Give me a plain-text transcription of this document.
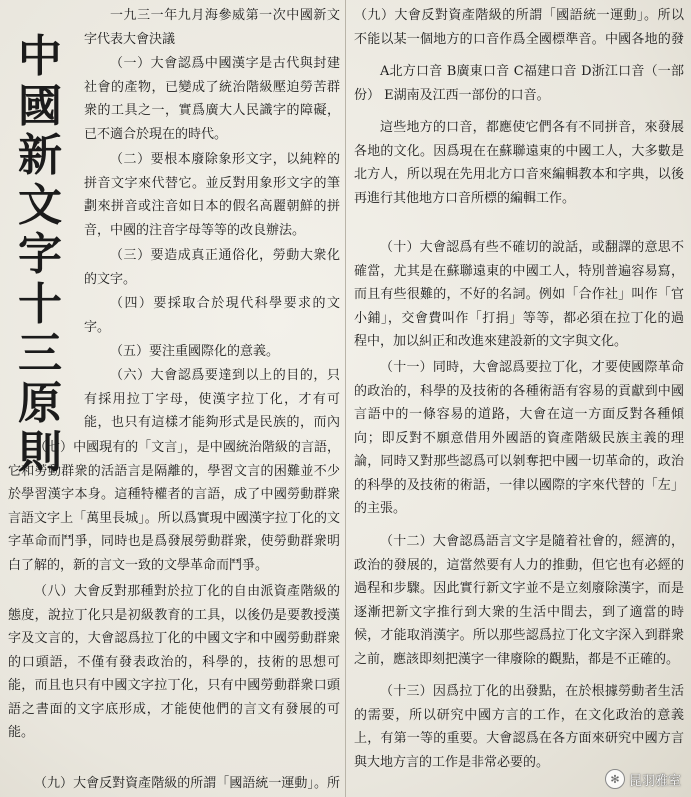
中
國
新
文
字
十
三
原
則

一九三一年九月海參威第一次中國新文字代表大會決議

（一）大會認爲中國漢字是古代與封建社會的產物，已變成了統治階級壓迫勞苦群衆的工具之一，實爲廣大人民識字的障礙，已不適合於現在的時代。

（二）要根本廢除象形文字，以純粹的拼音文字來代替它。並反對用象形文字的筆劃來拼音或注音如日本的假名高麗朝鮮的拼音，中國的注音字母等等的改良辦法。

（三）要造成真正通俗化，勞動大衆化的文字。

（四）要採取合於現代科學要求的文字。

（五）要注重國際化的意義。

（六）大會認爲要達到以上的目的，只有採用拉丁字母，使漢字拉丁化，才有可能，也只有這樣才能夠形式是民族的，而內

（七）中國現有的「文言」，是中國統治階級的言語，它和勞動群衆的活語言是隔離的，學習文言的困難並不少於學習漢字本身。這種特權者的言語，成了中國勞動群衆言語文字上「萬里長城」。所以爲實現中國漢字拉丁化的文字革命而鬥爭，同時也是爲發展勞動群衆，使勞動群衆明白了解的，新的言文一致的文學革命而鬥爭。

（八）大會反對那種對於拉丁化的自由派資產階級的態度，說拉丁化只是初級教育的工具，以後仍是要教授漢字及文言的，大會認爲拉丁化的中國文字和中國勞動群衆的口頭語，不僅有發表政治的，科學的，技術的思想可能，而且也只有中國文字拉丁化，只有中國勞動群衆口頭語之書面的文字底形成，才能使他們的言文有發展的可能。

（九）大會反對資產階級的所謂「國語統一運動」。所

（九）大會反對資產階級的所謂「國語統一運動」。所以不能以某一個地方的口音作爲全國標準音。中國各地的發

A北方口音 B廣東口音 C福建口音 D浙江口音（一部份） E湖南及江西一部份的口音。

這些地方的口音，都應使它們各有不同拼音，來發展各地的文化。因爲現在在蘇聯遠東的中國工人，大多數是北方人，所以現在先用北方口音來編輯教本和字典，以後再進行其他地方口音所標的編輯工作。

（十）大會認爲有些不確切的說話，或翻譯的意思不確當，尤其是在蘇聯遠東的中國工人，特別普遍容易寫，而且有些很難的，不好的名詞。例如「合作社」叫作「官小鋪」，交會費叫作「打捐」等等，都必須在拉丁化的過程中，加以糾正和改進來建設新的文字與文化。

（十一）同時，大會認爲要拉丁化，才要使國際革命的政治的，科學的及技術的各種術語有容易的貢獻到中國言語中的一條容易的道路，大會在這一方面反對各種傾向；即反對不願意借用外國語的資產階級民族主義的理論，同時又對那些認爲可以剝奪把中國一切革命的，政治的科學的及技術的術語，一律以國際的字來代替的「左」的主張。

（十二）大會認爲語言文字是隨着社會的，經濟的，政治的發展的，這當然要有人力的推動，但它也有必經的過程和步驟。因此實行新文字並不是立刻廢除漢字，而是逐漸把新文字推行到大衆的生活中間去，到了適當的時候，才能取消漢字。所以那些認爲拉丁化文字深入到群衆之前，應該即刻把漢字一律廢除的觀點，都是不正確的。

（十三）因爲拉丁化的出發點，在於根據勞動者生活的需要，所以研究中國方言的工作，在文化政治的意義上，有第一等的重要。大會認爲在各方面來研究中國方言與大地方言的工作是非常必要的。

✻ 昆羽雅室
